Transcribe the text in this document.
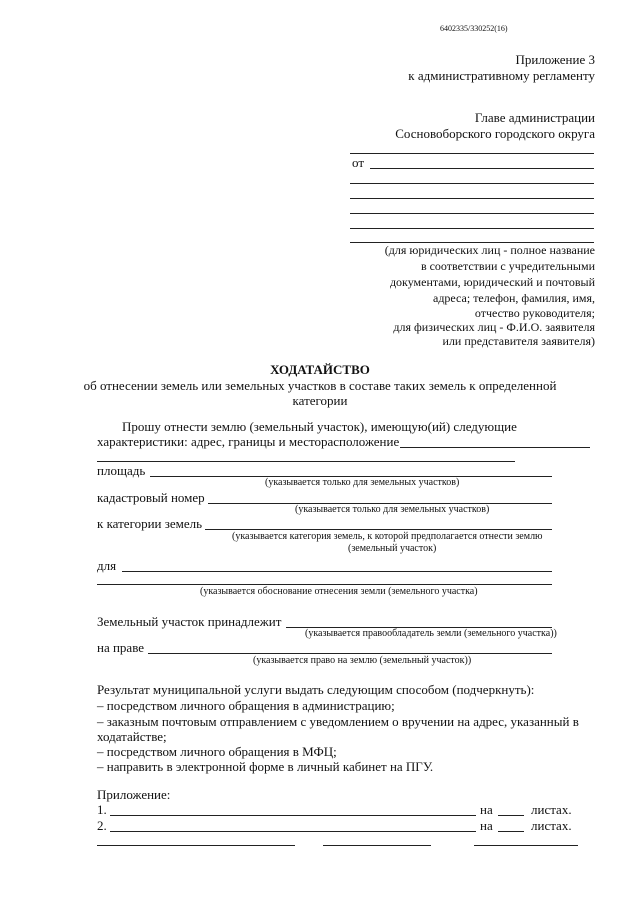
6402335/330252(16)
Приложение 3
к административному регламенту
Главе администрации
Сосновоборского городского округа
от
(для юридических лиц - полное название
в соответствии с учредительными
документами, юридический и почтовый
адреса; телефон, фамилия, имя,
отчество руководителя;
для физических лиц - Ф.И.О. заявителя
или представителя заявителя)
ХОДАТАЙСТВО
об отнесении земель или земельных участков в составе таких земель к определенной
категории
Прошу отнести землю (земельный участок), имеющую(ий) следующие
характеристики: адрес, границы и месторасположение
площадь
(указывается только для земельных участков)
кадастровый номер
(указывается только для земельных участков)
к категории земель
(указывается категория земель, к которой предполагается отнести землю
(земельный участок)
для
(указывается обоснование отнесения земли (земельного участка)
Земельный участок принадлежит
(указывается правообладатель земли (земельного участка))
на праве
(указывается право на землю (земельный участок))
Результат муниципальной услуги выдать следующим способом (подчеркнуть):
– посредством личного обращения в администрацию;
– заказным почтовым отправлением с уведомлением о вручении на адрес, указанный в
ходатайстве;
– посредством личного обращения в МФЦ;
– направить в электронной форме в личный кабинет на ПГУ.
Приложение:
1.	на	листах.
2.	на	листах.
